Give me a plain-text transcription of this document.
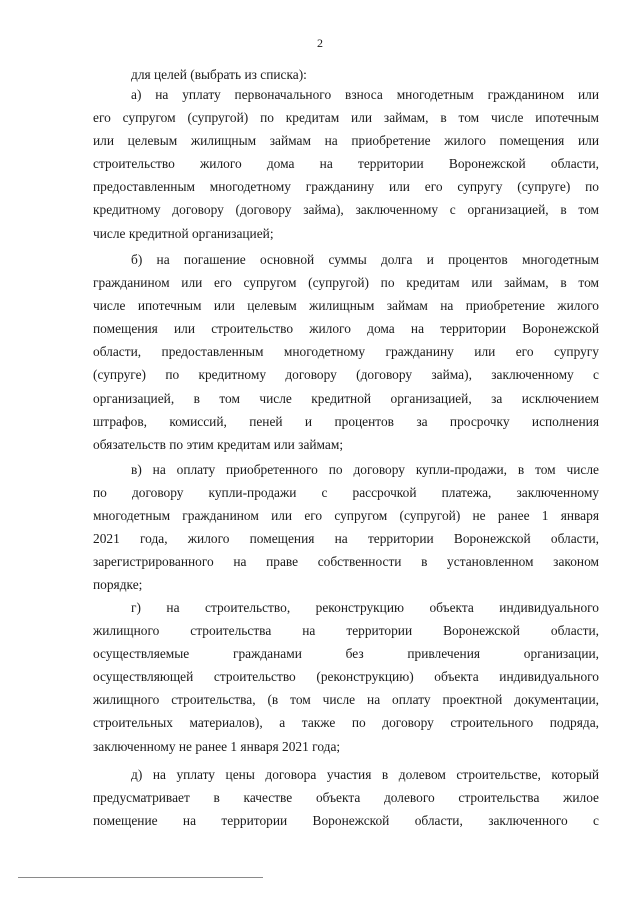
2
для целей (выбрать из списка):
а) на уплату первоначального взноса многодетным гражданином или
его супругом (супругой) по кредитам или займам, в том числе ипотечным
или целевым жилищным займам на приобретение жилого помещения или
строительство жилого дома на территории Воронежской области,
предоставленным многодетному гражданину или его супругу (супруге) по
кредитному договору (договору займа), заключенному с организацией, в том
числе кредитной организацией;
б) на погашение основной суммы долга и процентов многодетным
гражданином или его супругом (супругой) по кредитам или займам, в том
числе ипотечным или целевым жилищным займам на приобретение жилого
помещения или строительство жилого дома на территории Воронежской
области, предоставленным многодетному гражданину или его супругу
(супруге) по кредитному договору (договору займа), заключенному с
организацией, в том числе кредитной организацией, за исключением
штрафов, комиссий, пеней и процентов за просрочку исполнения
обязательств по этим кредитам или займам;
в) на оплату приобретенного по договору купли-продажи, в том числе
по договору купли-продажи с рассрочкой платежа, заключенному
многодетным гражданином или его супругом (супругой) не ранее 1 января
2021 года, жилого помещения на территории Воронежской области,
зарегистрированного на праве собственности в установленном законом
порядке;
г) на строительство, реконструкцию объекта индивидуального
жилищного строительства на территории Воронежской области,
осуществляемые гражданами без привлечения организации,
осуществляющей строительство (реконструкцию) объекта индивидуального
жилищного строительства, (в том числе на оплату проектной документации,
строительных материалов), а также по договору строительного подряда,
заключенному не ранее 1 января 2021 года;
д) на уплату цены договора участия в долевом строительстве, который
предусматривает в качестве объекта долевого строительства жилое
помещение на территории Воронежской области, заключенного с
